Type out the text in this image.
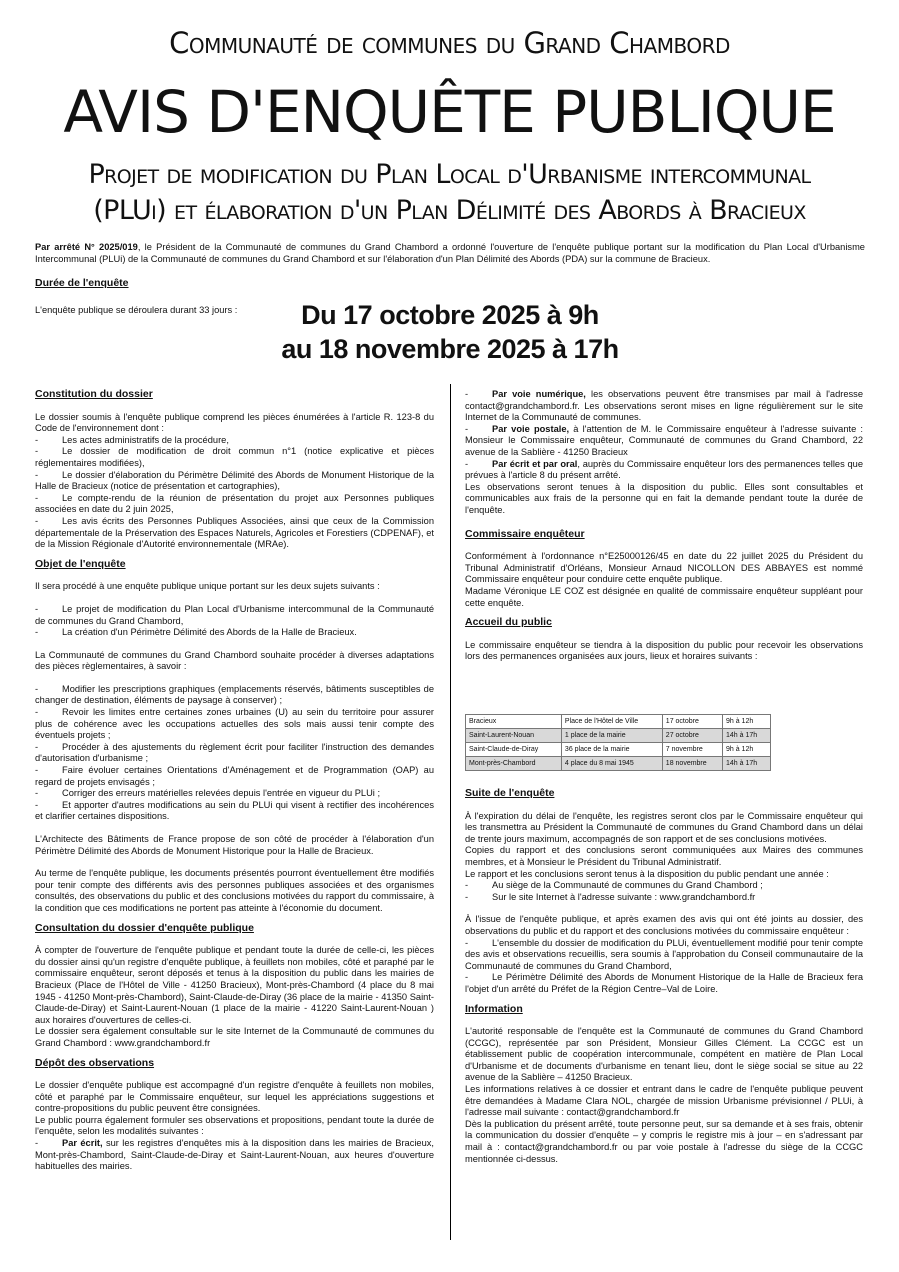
Communauté de communes du Grand Chambord
AVIS D'ENQUÊTE PUBLIQUE
Projet de modification du Plan Local d'Urbanisme intercommunal
(PLUi) et élaboration d'un Plan Délimité des Abords à Bracieux
Par arrêté N° 2025/019, le Président de la Communauté de communes du Grand Chambord a ordonné l'ouverture de l'enquête publique portant sur la modification du Plan Local d'Urbanisme Intercommunal (PLUi) de la Communauté de communes du Grand Chambord et sur l'élaboration d'un Plan Délimité des Abords (PDA) sur la commune de Bracieux.
Durée de l'enquête
L'enquête publique se déroulera durant 33 jours :	Du 17 octobre 2025 à 9h
au 18 novembre 2025 à 17h
Constitution du dossier

Le dossier soumis à l'enquête publique comprend les pièces énumérées à l'article R. 123-8 du Code de l'environnement dont :

-	Les actes administratifs de la procédure,

-	Le dossier de modification de droit commun n°1 (notice explicative et pièces réglementaires modifiées),

-	Le dossier d'élaboration du Périmètre Délimité des Abords de Monument Historique de la Halle de Bracieux (notice de présentation et cartographies),

-	Le compte-rendu de la réunion de présentation du projet aux Personnes publiques associées en date du 2 juin 2025,

-	Les avis écrits des Personnes Publiques Associées, ainsi que ceux de la Commission départementale de la Préservation des Espaces Naturels, Agricoles et Forestiers (CDPENAF), et de la Mission Régionale d'Autorité environnementale (MRAe).

Objet de l'enquête

Il sera procédé à une enquête publique unique portant sur les deux sujets suivants :

-	Le projet de modification du Plan Local d'Urbanisme intercommunal de la Communauté de communes du Grand Chambord,

-	La création d'un Périmètre Délimité des Abords de la Halle de Bracieux.

La Communauté de communes du Grand Chambord souhaite procéder à diverses adaptations des pièces règlementaires, à savoir :

-	Modifier les prescriptions graphiques (emplacements réservés, bâtiments susceptibles de changer de destination, éléments de paysage à conserver) ;

-	Revoir les limites entre certaines zones urbaines (U) au sein du territoire pour assurer plus de cohérence avec les occupations actuelles des sols mais aussi tenir compte des éventuels projets ;

-	Procéder à des ajustements du règlement écrit pour faciliter l'instruction des demandes d'autorisation d'urbanisme ;

-	Faire évoluer certaines Orientations d'Aménagement et de Programmation (OAP) au regard de projets envisagés ;

-	Corriger des erreurs matérielles relevées depuis l'entrée en vigueur du PLUi ;

-	Et apporter d'autres modifications au sein du PLUi qui visent à rectifier des incohérences et clarifier certaines dispositions.

L'Architecte des Bâtiments de France propose de son côté de procéder à l'élaboration d'un Périmètre Délimité des Abords de Monument Historique pour la Halle de Bracieux.

Au terme de l'enquête publique, les documents présentés pourront éventuellement être modifiés pour tenir compte des différents avis des personnes publiques associées et des organismes consultés, des observations du public et des conclusions motivées du rapport du commissaire, à la condition que ces modifications ne portent pas atteinte à l'économie du document.

Consultation du dossier d'enquête publique

À compter de l'ouverture de l'enquête publique et pendant toute la durée de celle-ci, les pièces du dossier ainsi qu'un registre d'enquête publique, à feuillets non mobiles, côté et paraphé par le commissaire enquêteur, seront déposés et tenus à la disposition du public dans les mairies de Bracieux (Place de l'Hôtel de Ville - 41250 Bracieux), Mont-près-Chambord (4 place du 8 mai 1945 - 41250 Mont-près-Chambord), Saint-Claude-de-Diray (36 place de la mairie - 41350 Saint-Claude-de-Diray) et Saint-Laurent-Nouan (1 place de la mairie - 41220 Saint-Laurent-Nouan ) aux horaires d'ouvertures de celles-ci.

Le dossier sera également consultable sur le site Internet de la Communauté de communes du Grand Chambord : www.grandchambord.fr

Dépôt des observations

Le dossier d'enquête publique est accompagné d'un registre d'enquête à feuillets non mobiles, côté et paraphé par le Commissaire enquêteur, sur lequel les appréciations suggestions et contre-propositions du public peuvent être consignées.

Le public pourra également formuler ses observations et propositions, pendant toute la durée de l'enquête, selon les modalités suivantes :

-	Par écrit, sur les registres d'enquêtes mis à la disposition dans les mairies de Bracieux, Mont-près-Chambord, Saint-Claude-de-Diray et Saint-Laurent-Nouan, aux heures d'ouverture habituelles des mairies.

-	Par voie numérique, les observations peuvent être transmises par mail à l'adresse contact@grandchambord.fr. Les observations seront mises en ligne régulièrement sur le site Internet de la Communauté de communes.

-	Par voie postale, à l'attention de M. le Commissaire enquêteur à l'adresse suivante : Monsieur le Commissaire enquêteur, Communauté de communes du Grand Chambord, 22 avenue de la Sablière - 41250 Bracieux

-	Par écrit et par oral, auprès du Commissaire enquêteur lors des permanences telles que prévues à l'article 8 du présent arrêté.

Les observations seront tenues à la disposition du public. Elles sont consultables et communicables aux frais de la personne qui en fait la demande pendant toute la durée de l'enquête.

Commissaire enquêteur

Conformément à l'ordonnance n°E25000126/45 en date du 22 juillet 2025 du Président du Tribunal Administratif d'Orléans, Monsieur Arnaud NICOLLON DES ABBAYES est nommé Commissaire enquêteur pour conduire cette enquête publique.

Madame Véronique LE COZ est désignée en qualité de commissaire enquêteur suppléant pour cette enquête.

Accueil du public

Le commissaire enquêteur se tiendra à la disposition du public pour recevoir les observations lors des permanences organisées aux jours, lieux et horaires suivants :

Bracieux	Place de l'Hôtel de Ville	17 octobre	9h à 12h
Saint-Laurent-Nouan	1 place de la mairie	27 octobre	14h à 17h
Saint-Claude-de-Diray	36 place de la mairie	7 novembre	9h à 12h
Mont-près-Chambord	4 place du 8 mai 1945	18 novembre	14h à 17h
Suite de l'enquête

À l'expiration du délai de l'enquête, les registres seront clos par le Commissaire enquêteur qui les transmettra au Président la Communauté de communes du Grand Chambord dans un délai de trente jours maximum, accompagnés de son rapport et de ses conclusions motivées.

Copies du rapport et des conclusions seront communiquées aux Maires des communes membres, et à Monsieur le Président du Tribunal Administratif.

Le rapport et les conclusions seront tenus à la disposition du public pendant une année :

-	Au siège de la Communauté de communes du Grand Chambord ;

-	Sur le site Internet à l'adresse suivante : www.grandchambord.fr

À l'issue de l'enquête publique, et après examen des avis qui ont été joints au dossier, des observations du public et du rapport et des conclusions motivées du commissaire enquêteur :

-	L'ensemble du dossier de modification du PLUi, éventuellement modifié pour tenir compte des avis et observations recueillis, sera soumis à l'approbation du Conseil communautaire de la Communauté de communes du Grand Chambord,

-	Le Périmètre Délimité des Abords de Monument Historique de la Halle de Bracieux fera l'objet d'un arrêté du Préfet de la Région Centre–Val de Loire.

Information

L'autorité responsable de l'enquête est la Communauté de communes du Grand Chambord (CCGC), représentée par son Président, Monsieur Gilles Clément. La CCGC est un établissement public de coopération intercommunale, compétent en matière de Plan Local d'Urbanisme et de documents d'urbanisme en tenant lieu, dont le siège social se situe au 22 avenue de la Sablière – 41250 Bracieux.

Les informations relatives à ce dossier et entrant dans le cadre de l'enquête publique peuvent être demandées à Madame Clara NOL, chargée de mission Urbanisme prévisionnel / PLUi, à l'adresse mail suivante : contact@grandchambord.fr

Dès la publication du présent arrêté, toute personne peut, sur sa demande et à ses frais, obtenir la communication du dossier d'enquête – y compris le registre mis à jour – en s'adressant par mail à : contact@grandchambord.fr ou par voie postale à l'adresse du siège de la CCGC mentionnée ci-dessus.
